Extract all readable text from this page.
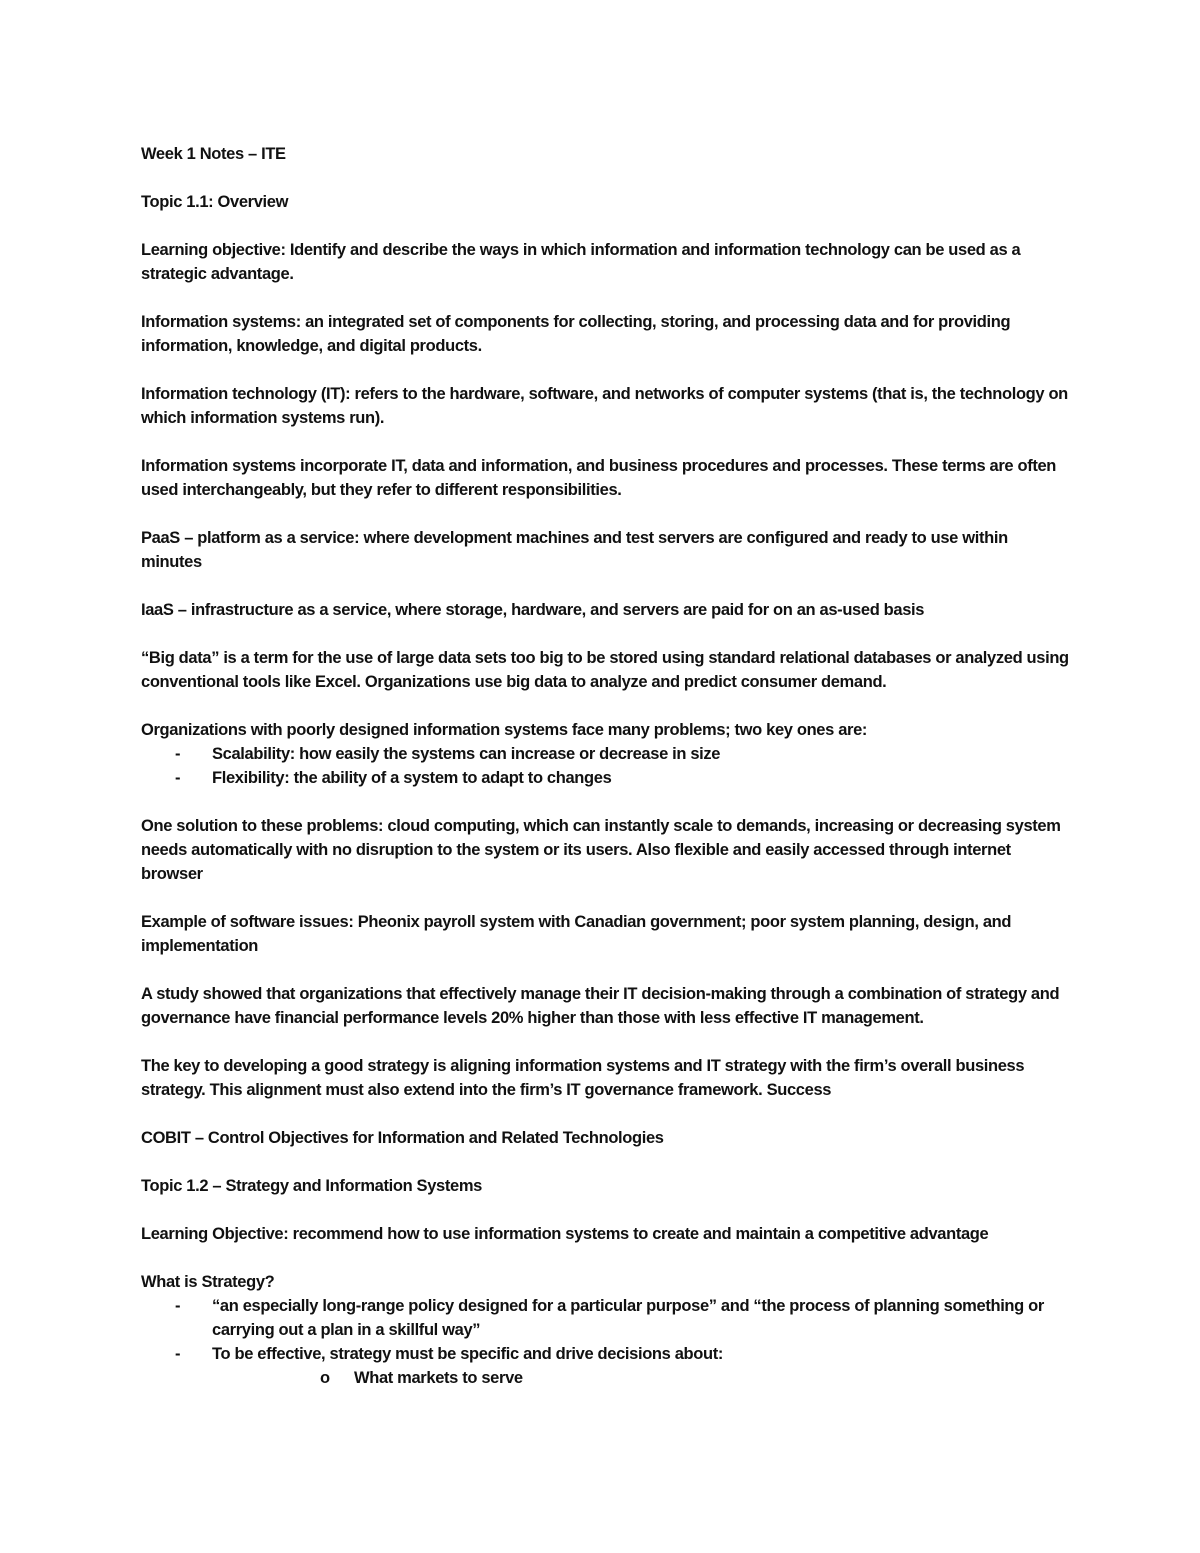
Week 1 Notes – ITE
Topic 1.1: Overview
Learning objective: Identify and describe the ways in which information and information technology can be used as a strategic advantage.
Information systems: an integrated set of components for collecting, storing, and processing data and for providing information, knowledge, and digital products.
Information technology (IT): refers to the hardware, software, and networks of computer systems (that is, the technology on which information systems run).
Information systems incorporate IT, data and information, and business procedures and processes. These terms are often used interchangeably, but they refer to different responsibilities.
PaaS – platform as a service: where development machines and test servers are configured and ready to use within minutes
IaaS – infrastructure as a service, where storage, hardware, and servers are paid for on an as-used basis
“Big data” is a term for the use of large data sets too big to be stored using standard relational databases or analyzed using conventional tools like Excel. Organizations use big data to analyze and predict consumer demand.
Organizations with poorly designed information systems face many problems; two key ones are:
- Scalability: how easily the systems can increase or decrease in size
- Flexibility: the ability of a system to adapt to changes
One solution to these problems: cloud computing, which can instantly scale to demands, increasing or decreasing system needs automatically with no disruption to the system or its users. Also flexible and easily accessed through internet browser
Example of software issues: Pheonix payroll system with Canadian government; poor system planning, design, and implementation
A study showed that organizations that effectively manage their IT decision-making through a combination of strategy and governance have financial performance levels 20% higher than those with less effective IT management.
The key to developing a good strategy is aligning information systems and IT strategy with the firm’s overall business strategy. This alignment must also extend into the firm’s IT governance framework. Success
COBIT – Control Objectives for Information and Related Technologies
Topic 1.2 – Strategy and Information Systems
Learning Objective: recommend how to use information systems to create and maintain a competitive advantage
What is Strategy?
- “an especially long-range policy designed for a particular purpose” and “the process of planning something or carrying out a plan in a skillful way”
- To be effective, strategy must be specific and drive decisions about:
o What markets to serve
